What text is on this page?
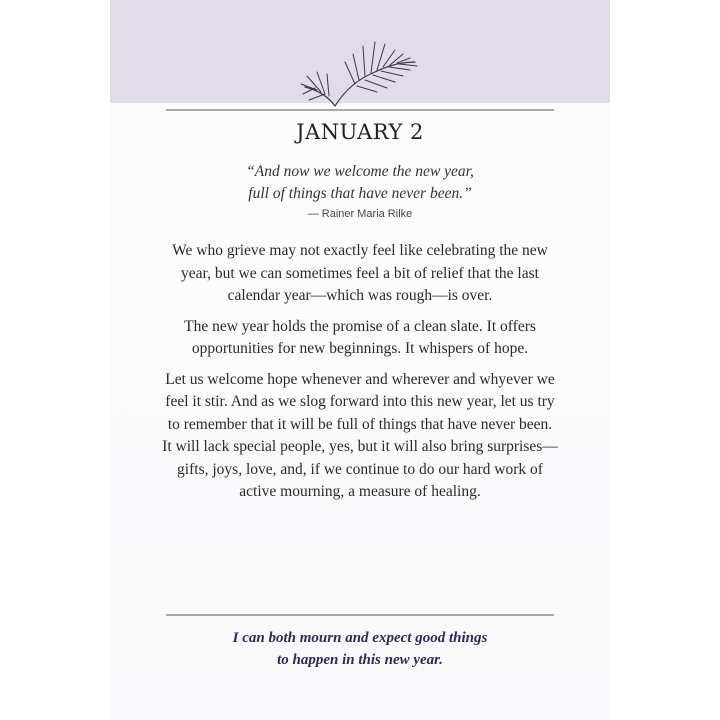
JANUARY 2
“And now we welcome the new year,
full of things that have never been.”
— Rainer Maria Rilke

We who grieve may not exactly feel like celebrating the new year, but we can sometimes feel a bit of relief that the last calendar year—which was rough—is over.

The new year holds the promise of a clean slate. It offers opportunities for new beginnings. It whispers of hope.

Let us welcome hope whenever and wherever and whyever we feel it stir. And as we slog forward into this new year, let us try to remember that it will be full of things that have never been. It will lack special people, yes, but it will also bring surprises—gifts, joys, love, and, if we continue to do our hard work of active mourning, a measure of healing.

I can both mourn and expect good things
to happen in this new year.
